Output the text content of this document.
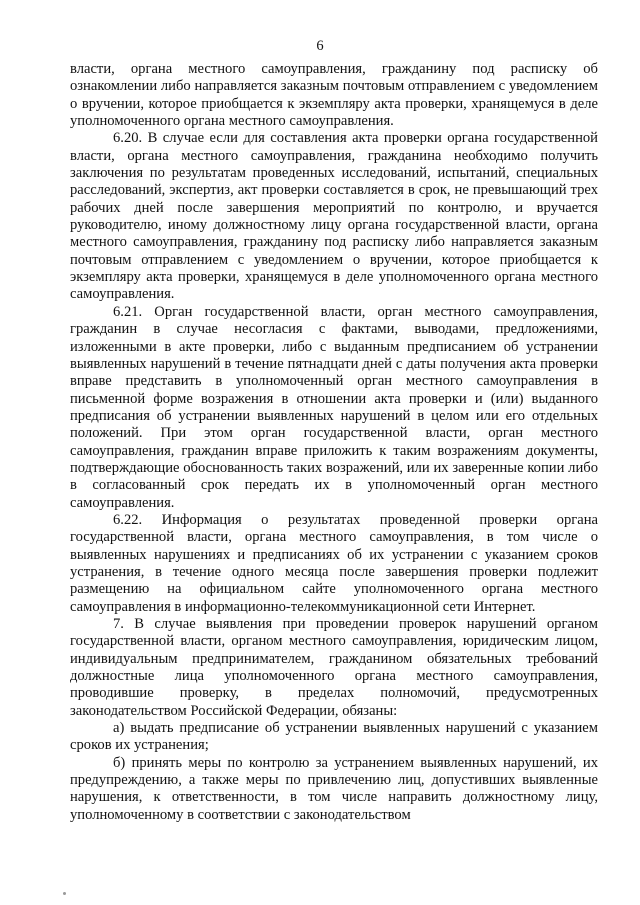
6

власти, органа местного самоуправления, гражданину под расписку об ознакомлении либо направляется заказным почтовым отправлением с уведомлением о вручении, которое приобщается к экземпляру акта проверки, хранящемуся в деле уполномоченного органа местного самоуправления.

6.20. В случае если для составления акта проверки органа государственной власти, органа местного самоуправления, гражданина необходимо получить заключения по результатам проведенных исследований, испытаний, специальных расследований, экспертиз, акт проверки составляется в срок, не превышающий трех рабочих дней после завершения мероприятий по контролю, и вручается руководителю, иному должностному лицу органа государственной власти, органа местного самоуправления, гражданину под расписку либо направляется заказным почтовым отправлением с уведомлением о вручении, которое приобщается к экземпляру акта проверки, хранящемуся в деле уполномоченного органа местного самоуправления.

6.21. Орган государственной власти, орган местного самоуправления, гражданин в случае несогласия с фактами, выводами, предложениями, изложенными в акте проверки, либо с выданным предписанием об устранении выявленных нарушений в течение пятнадцати дней с даты получения акта проверки вправе представить в уполномоченный орган местного самоуправления в письменной форме возражения в отношении акта проверки и (или) выданного предписания об устранении выявленных нарушений в целом или его отдельных положений. При этом орган государственной власти, орган местного самоуправления, гражданин вправе приложить к таким возражениям документы, подтверждающие обоснованность таких возражений, или их заверенные копии либо в согласованный срок передать их в уполномоченный орган местного самоуправления.

6.22. Информация о результатах проведенной проверки органа государственной власти, органа местного самоуправления, в том числе о выявленных нарушениях и предписаниях об их устранении с указанием сроков устранения, в течение одного месяца после завершения проверки подлежит размещению на официальном сайте уполномоченного органа местного самоуправления в информационно-телекоммуникационной сети Интернет.

7. В случае выявления при проведении проверок нарушений органом государственной власти, органом местного самоуправления, юридическим лицом, индивидуальным предпринимателем, гражданином обязательных требований должностные лица уполномоченного органа местного самоуправления, проводившие проверку, в пределах полномочий, предусмотренных законодательством Российской Федерации, обязаны:

а) выдать предписание об устранении выявленных нарушений с указанием сроков их устранения;

б) принять меры по контролю за устранением выявленных нарушений, их предупреждению, а также меры по привлечению лиц, допустивших выявленные нарушения, к ответственности, в том числе направить должностному лицу, уполномоченному в соответствии с законодательством
